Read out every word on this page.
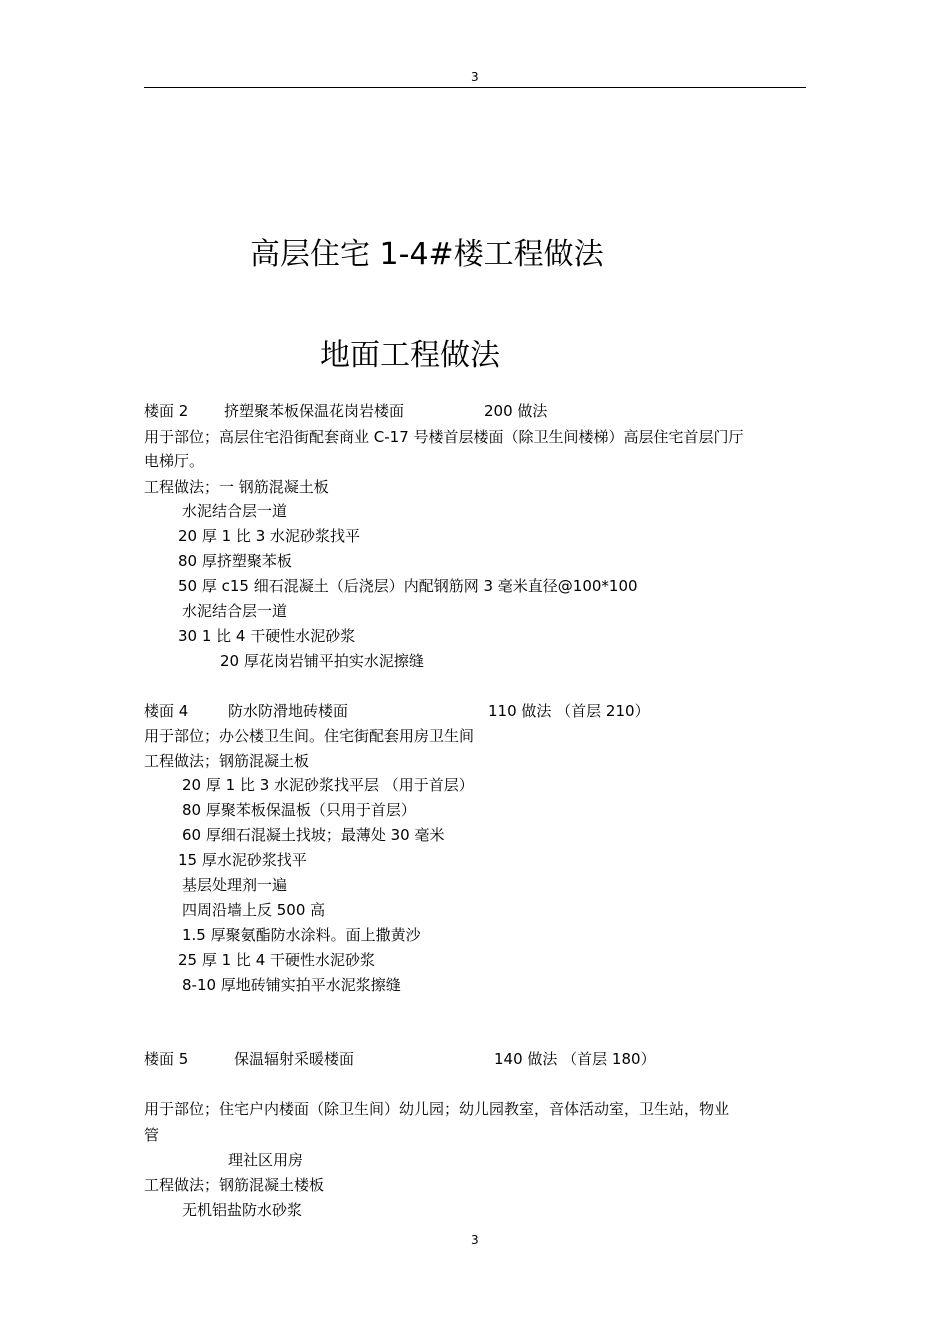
3
高层住宅 1-4#楼工程做法
地面工程做法
楼面 2 挤塑聚苯板保温花岗岩楼面	200 做法
用于部位；高层住宅沿街配套商业 C-17 号楼首层楼面（除卫生间楼梯）高层住宅首层门厅
电梯厅。
工程做法；一 钢筋混凝土板
水泥结合层一道
20 厚 1 比 3 水泥砂浆找平
80 厚挤塑聚苯板
50 厚 c15 细石混凝土（后浇层）内配钢筋网 3 毫米直径@100*100
水泥结合层一道
30 1 比 4 干硬性水泥砂浆
20 厚花岗岩铺平拍实水泥擦缝
楼面 4	防水防滑地砖楼面	110 做法 （首层 210）
用于部位；办公楼卫生间。住宅街配套用房卫生间
工程做法；钢筋混凝土板
20 厚 1 比 3 水泥砂浆找平层 （用于首层）
80 厚聚苯板保温板（只用于首层）
60 厚细石混凝土找坡；最薄处 30 毫米
15 厚水泥砂浆找平
基层处理剂一遍
四周沿墙上反 500 高
1.5 厚聚氨酯防水涂料。面上撒黄沙
25 厚 1 比 4 干硬性水泥砂浆
8-10 厚地砖铺实拍平水泥浆擦缝
楼面 5	保温辐射采暖楼面	140 做法 （首层 180）
用于部位；住宅户内楼面（除卫生间）幼儿园；幼儿园教室，音体活动室，卫生站，物业
管
理社区用房
工程做法；钢筋混凝土楼板
无机铝盐防水砂浆
3
